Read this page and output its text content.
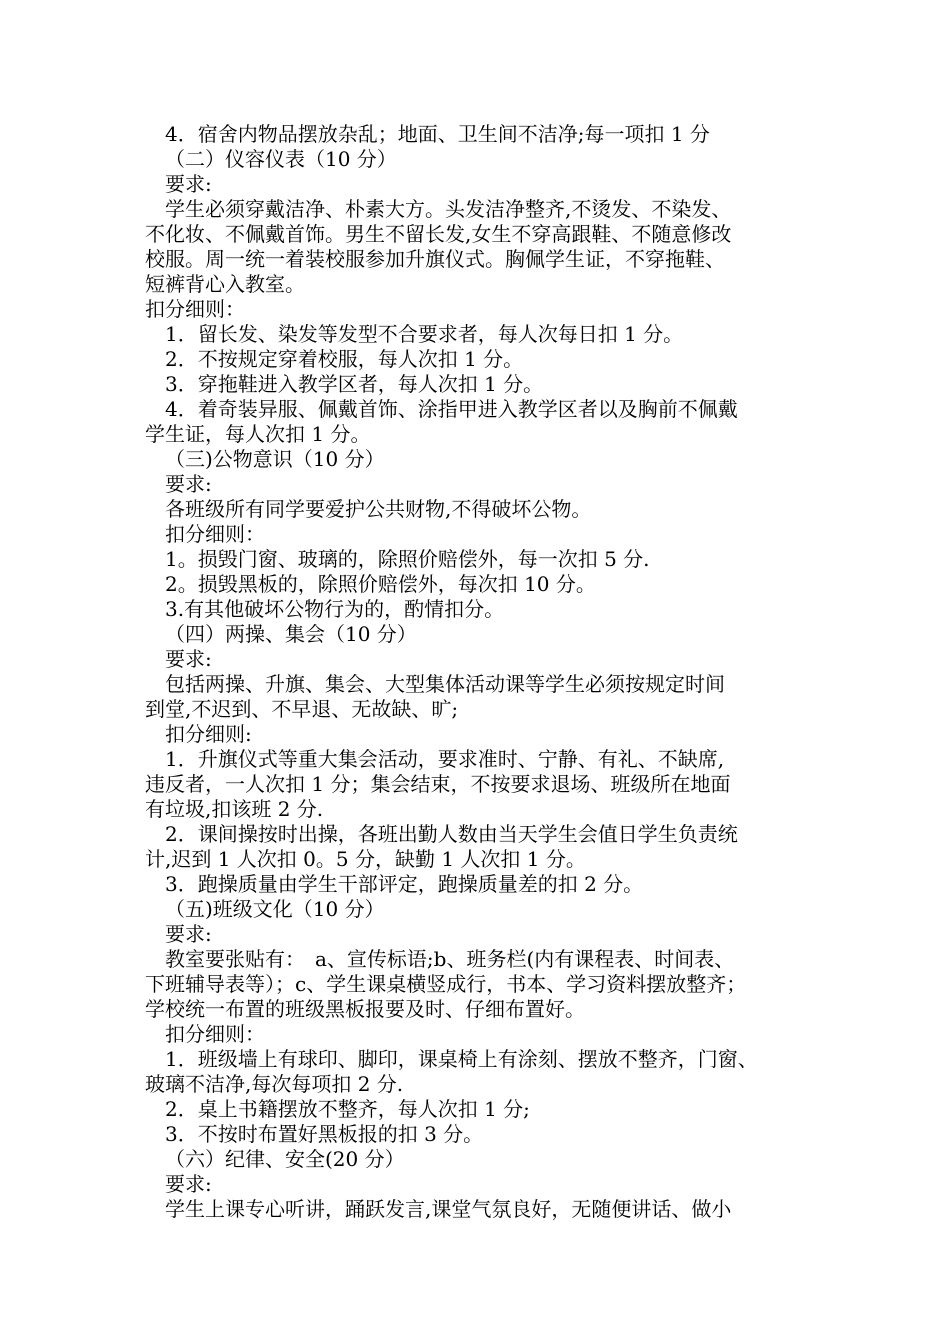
4．宿舍内物品摆放杂乱；地面、卫生间不洁净;每一项扣 1 分
（二）仪容仪表（10 分）
要求:
学生必须穿戴洁净、朴素大方。头发洁净整齐,不烫发、不染发、
不化妆、不佩戴首饰。男生不留长发,女生不穿高跟鞋、不随意修改
校服。周一统一着装校服参加升旗仪式。胸佩学生证，不穿拖鞋、
短裤背心入教室。
扣分细则：
1．留长发、染发等发型不合要求者，每人次每日扣 1 分。
2．不按规定穿着校服，每人次扣 1 分。
3．穿拖鞋进入教学区者，每人次扣 1 分。
4．着奇装异服、佩戴首饰、涂指甲进入教学区者以及胸前不佩戴
学生证，每人次扣 1 分。
（三)公物意识（10 分）
要求:
各班级所有同学要爱护公共财物,不得破坏公物。
扣分细则：
1。损毁门窗、玻璃的，除照价赔偿外，每一次扣 5 分.
2。损毁黑板的，除照价赔偿外，每次扣 10 分。
3.有其他破坏公物行为的，酌情扣分。
（四）两操、集会（10 分）
要求:
包括两操、升旗、集会、大型集体活动课等学生必须按规定时间
到堂,不迟到、不早退、无故缺、旷;
扣分细则:
1．升旗仪式等重大集会活动，要求准时、宁静、有礼、不缺席,
违反者，一人次扣 1 分；集会结束，不按要求退场、班级所在地面
有垃圾,扣该班 2 分.
2．课间操按时出操，各班出勤人数由当天学生会值日学生负责统
计,迟到 1 人次扣 0。5 分，缺勤 1 人次扣 1 分。
3．跑操质量由学生干部评定，跑操质量差的扣 2 分。
（五)班级文化（10 分）
要求:
教室要张贴有：　a、宣传标语;b、班务栏(内有课程表、时间表、
下班辅导表等）；c、学生课桌横竖成行，书本、学习资料摆放整齐；
学校统一布置的班级黑板报要及时、仔细布置好。
扣分细则：
1．班级墙上有球印、脚印，课桌椅上有涂刻、摆放不整齐，门窗、
玻璃不洁净,每次每项扣 2 分.
2．桌上书籍摆放不整齐，每人次扣 1 分;
3．不按时布置好黑板报的扣 3 分。
（六）纪律、安全(20 分）
要求:
学生上课专心听讲，踊跃发言,课堂气氛良好，无随便讲话、做小
